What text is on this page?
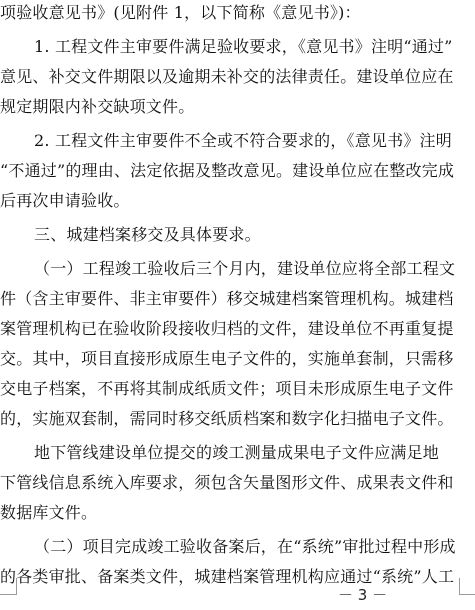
项验收意见书》(见附件 1，以下简称《意见书》)：
1. 工程文件主审要件满足验收要求，《意见书》注明“通过”
意见、补交文件期限以及逾期未补交的法律责任。建设单位应在
规定期限内补交缺项文件。
2. 工程文件主审要件不全或不符合要求的，《意见书》注明
“不通过”的理由、法定依据及整改意见。建设单位应在整改完成
后再次申请验收。
三、城建档案移交及具体要求。
（一）工程竣工验收后三个月内，建设单位应将全部工程文
件（含主审要件、非主审要件）移交城建档案管理机构。城建档
案管理机构已在验收阶段接收归档的文件，建设单位不再重复提
交。其中，项目直接形成原生电子文件的，实施单套制，只需移
交电子档案，不再将其制成纸质文件；项目未形成原生电子文件
的，实施双套制，需同时移交纸质档案和数字化扫描电子文件。
地下管线建设单位提交的竣工测量成果电子文件应满足地
下管线信息系统入库要求，须包含矢量图形文件、成果表文件和
数据库文件。
（二）项目完成竣工验收备案后，在“系统”审批过程中形成
的各类审批、备案类文件，城建档案管理机构应通过“系统”人工
－ 3 －
